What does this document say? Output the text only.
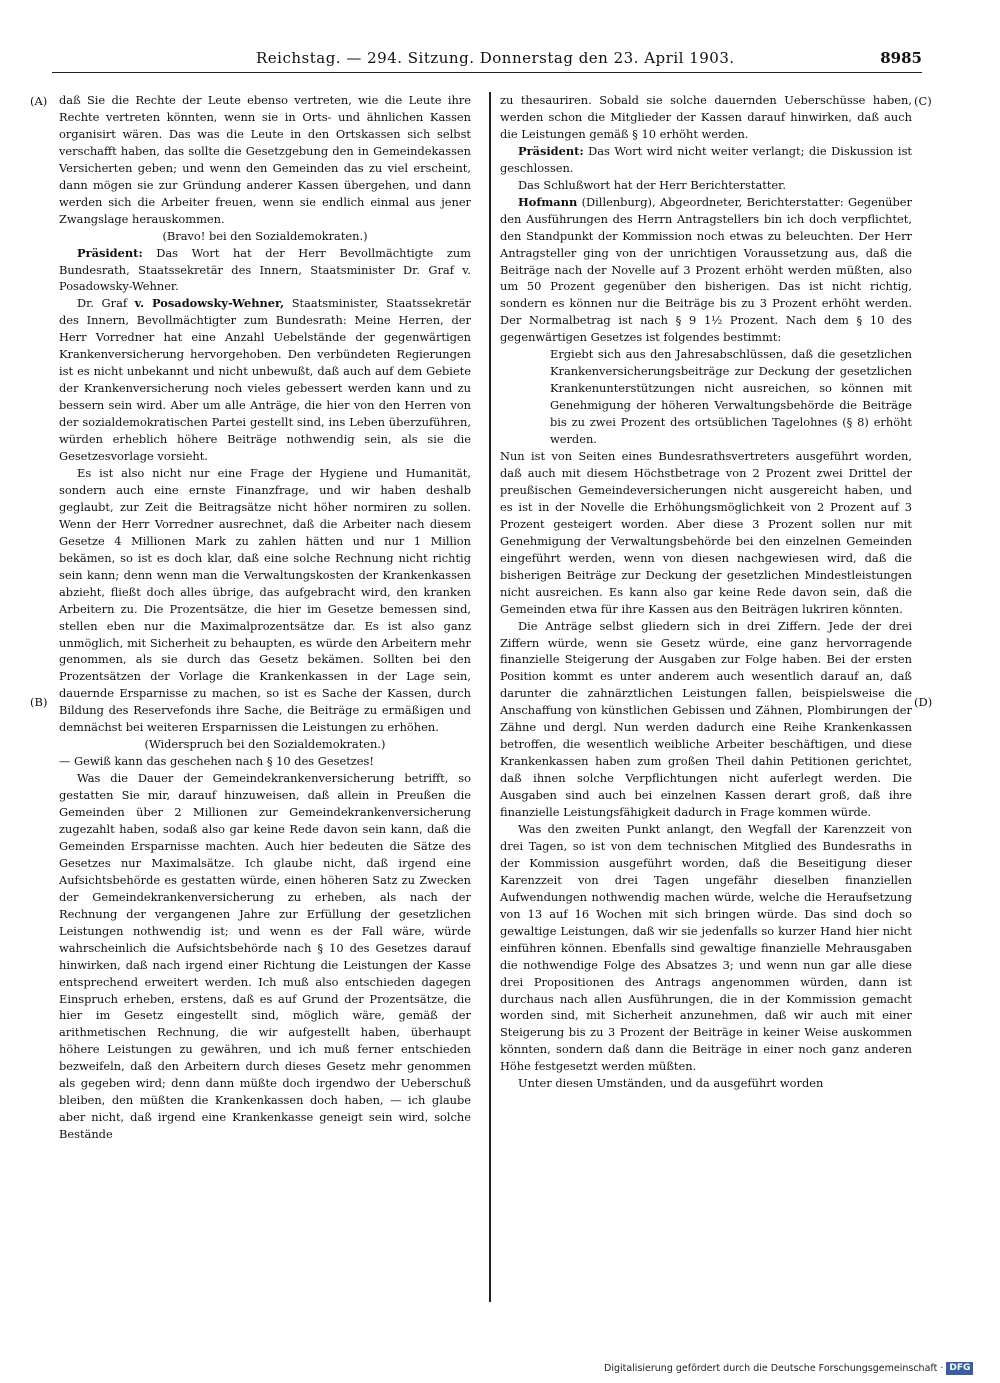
Reichstag. — 294. Sitzung. Donnerstag den 23. April 1903.	8985
(A)
(B)
(C)
(D)

daß Sie die Rechte der Leute ebenso vertreten, wie die Leute ihre Rechte vertreten könnten, wenn sie in Orts- und ähnlichen Kassen organisirt wären. Das was die Leute in den Ortskassen sich selbst verschafft haben, das sollte die Gesetzgebung den in Gemeindekassen Versicherten geben; und wenn den Gemeinden das zu viel erscheint, dann mögen sie zur Gründung anderer Kassen übergehen, und dann werden sich die Arbeiter freuen, wenn sie endlich einmal aus jener Zwangslage herauskommen.

(Bravo! bei den Sozialdemokraten.)

Präsident: Das Wort hat der Herr Bevollmächtigte zum Bundesrath, Staatssekretär des Innern, Staatsminister Dr. Graf v. Posadowsky-Wehner.

Dr. Graf v. Posadowsky-Wehner, Staatsminister, Staatssekretär des Innern, Bevollmächtigter zum Bundesrath: Meine Herren, der Herr Vorredner hat eine Anzahl Uebelstände der gegenwärtigen Krankenversicherung hervorgehoben. Den verbündeten Regierungen ist es nicht unbekannt und nicht unbewußt, daß auch auf dem Gebiete der Krankenversicherung noch vieles gebessert werden kann und zu bessern sein wird. Aber um alle Anträge, die hier von den Herren von der sozialdemokratischen Partei gestellt sind, ins Leben überzuführen, würden erheblich höhere Beiträge nothwendig sein, als sie die Gesetzesvorlage vorsieht.

Es ist also nicht nur eine Frage der Hygiene und Humanität, sondern auch eine ernste Finanzfrage, und wir haben deshalb geglaubt, zur Zeit die Beitragsätze nicht höher normiren zu sollen. Wenn der Herr Vorredner ausrechnet, daß die Arbeiter nach diesem Gesetze 4 Millionen Mark zu zahlen hätten und nur 1 Million bekämen, so ist es doch klar, daß eine solche Rechnung nicht richtig sein kann; denn wenn man die Verwaltungskosten der Krankenkassen abzieht, fließt doch alles übrige, das aufgebracht wird, den kranken Arbeitern zu. Die Prozentsätze, die hier im Gesetze bemessen sind, stellen eben nur die Maximalprozentsätze dar. Es ist also ganz unmöglich, mit Sicherheit zu behaupten, es würde den Arbeitern mehr genommen, als sie durch das Gesetz bekämen. Sollten bei den Prozentsätzen der Vorlage die Krankenkassen in der Lage sein, dauernde Ersparnisse zu machen, so ist es Sache der Kassen, durch Bildung des Reservefonds ihre Sache, die Beiträge zu ermäßigen und demnächst bei weiteren Ersparnissen die Leistungen zu erhöhen.

(Widerspruch bei den Sozialdemokraten.)

— Gewiß kann das geschehen nach § 10 des Gesetzes!

Was die Dauer der Gemeindekrankenversicherung betrifft, so gestatten Sie mir, darauf hinzuweisen, daß allein in Preußen die Gemeinden über 2 Millionen zur Gemeindekrankenversicherung zugezahlt haben, sodaß also gar keine Rede davon sein kann, daß die Gemeinden Ersparnisse machten. Auch hier bedeuten die Sätze des Gesetzes nur Maximalsätze. Ich glaube nicht, daß irgend eine Aufsichtsbehörde es gestatten würde, einen höheren Satz zu Zwecken der Gemeindekrankenversicherung zu erheben, als nach der Rechnung der vergangenen Jahre zur Erfüllung der gesetzlichen Leistungen nothwendig ist; und wenn es der Fall wäre, würde wahrscheinlich die Aufsichtsbehörde nach § 10 des Gesetzes darauf hinwirken, daß nach irgend einer Richtung die Leistungen der Kasse entsprechend erweitert werden. Ich muß also entschieden dagegen Einspruch erheben, erstens, daß es auf Grund der Prozentsätze, die hier im Gesetz eingestellt sind, möglich wäre, gemäß der arithmetischen Rechnung, die wir aufgestellt haben, überhaupt höhere Leistungen zu gewähren, und ich muß ferner entschieden bezweifeln, daß den Arbeitern durch dieses Gesetz mehr genommen als gegeben wird; denn dann müßte doch irgendwo der Ueberschuß bleiben, den müßten die Krankenkassen doch haben, — ich glaube aber nicht, daß irgend eine Krankenkasse geneigt sein wird, solche Bestände

zu thesauriren. Sobald sie solche dauernden Ueberschüsse haben, werden schon die Mitglieder der Kassen darauf hinwirken, daß auch die Leistungen gemäß § 10 erhöht werden.

Präsident: Das Wort wird nicht weiter verlangt; die Diskussion ist geschlossen.

Das Schlußwort hat der Herr Berichterstatter.

Hofmann (Dillenburg), Abgeordneter, Berichterstatter: Gegenüber den Ausführungen des Herrn Antragstellers bin ich doch verpflichtet, den Standpunkt der Kommission noch etwas zu beleuchten. Der Herr Antragsteller ging von der unrichtigen Voraussetzung aus, daß die Beiträge nach der Novelle auf 3 Prozent erhöht werden müßten, also um 50 Prozent gegenüber den bisherigen. Das ist nicht richtig, sondern es können nur die Beiträge bis zu 3 Prozent erhöht werden. Der Normalbetrag ist nach § 9 1½ Prozent. Nach dem § 10 des gegenwärtigen Gesetzes ist folgendes bestimmt:

Ergiebt sich aus den Jahresabschlüssen, daß die gesetzlichen Krankenversicherungsbeiträge zur Deckung der gesetzlichen Krankenunterstützungen nicht ausreichen, so können mit Genehmigung der höheren Verwaltungsbehörde die Beiträge bis zu zwei Prozent des ortsüblichen Tagelohnes (§ 8) erhöht werden.

Nun ist von Seiten eines Bundesrathsvertreters ausgeführt worden, daß auch mit diesem Höchstbetrage von 2 Prozent zwei Drittel der preußischen Gemeindeversicherungen nicht ausgereicht haben, und es ist in der Novelle die Erhöhungsmöglichkeit von 2 Prozent auf 3 Prozent gesteigert worden. Aber diese 3 Prozent sollen nur mit Genehmigung der Verwaltungsbehörde bei den einzelnen Gemeinden eingeführt werden, wenn von diesen nachgewiesen wird, daß die bisherigen Beiträge zur Deckung der gesetzlichen Mindestleistungen nicht ausreichen. Es kann also gar keine Rede davon sein, daß die Gemeinden etwa für ihre Kassen aus den Beiträgen lukriren könnten.

Die Anträge selbst gliedern sich in drei Ziffern. Jede der drei Ziffern würde, wenn sie Gesetz würde, eine ganz hervorragende finanzielle Steigerung der Ausgaben zur Folge haben. Bei der ersten Position kommt es unter anderem auch wesentlich darauf an, daß darunter die zahnärztlichen Leistungen fallen, beispielsweise die Anschaffung von künstlichen Gebissen und Zähnen, Plombirungen der Zähne und dergl. Nun werden dadurch eine Reihe Krankenkassen betroffen, die wesentlich weibliche Arbeiter beschäftigen, und diese Krankenkassen haben zum großen Theil dahin Petitionen gerichtet, daß ihnen solche Verpflichtungen nicht auferlegt werden. Die Ausgaben sind auch bei einzelnen Kassen derart groß, daß ihre finanzielle Leistungsfähigkeit dadurch in Frage kommen würde.

Was den zweiten Punkt anlangt, den Wegfall der Karenzzeit von drei Tagen, so ist von dem technischen Mitglied des Bundesraths in der Kommission ausgeführt worden, daß die Beseitigung dieser Karenzzeit von drei Tagen ungefähr dieselben finanziellen Aufwendungen nothwendig machen würde, welche die Heraufsetzung von 13 auf 16 Wochen mit sich bringen würde. Das sind doch so gewaltige Leistungen, daß wir sie jedenfalls so kurzer Hand hier nicht einführen können. Ebenfalls sind gewaltige finanzielle Mehrausgaben die nothwendige Folge des Absatzes 3; und wenn nun gar alle diese drei Propositionen des Antrags angenommen würden, dann ist durchaus nach allen Ausführungen, die in der Kommission gemacht worden sind, mit Sicherheit anzunehmen, daß wir auch mit einer Steigerung bis zu 3 Prozent der Beiträge in keiner Weise auskommen könnten, sondern daß dann die Beiträge in einer noch ganz anderen Höhe festgesetzt werden müßten.

Unter diesen Umständen, und da ausgeführt worden

Digitalisierung gefördert durch die Deutsche Forschungsgemeinschaft · DFG
